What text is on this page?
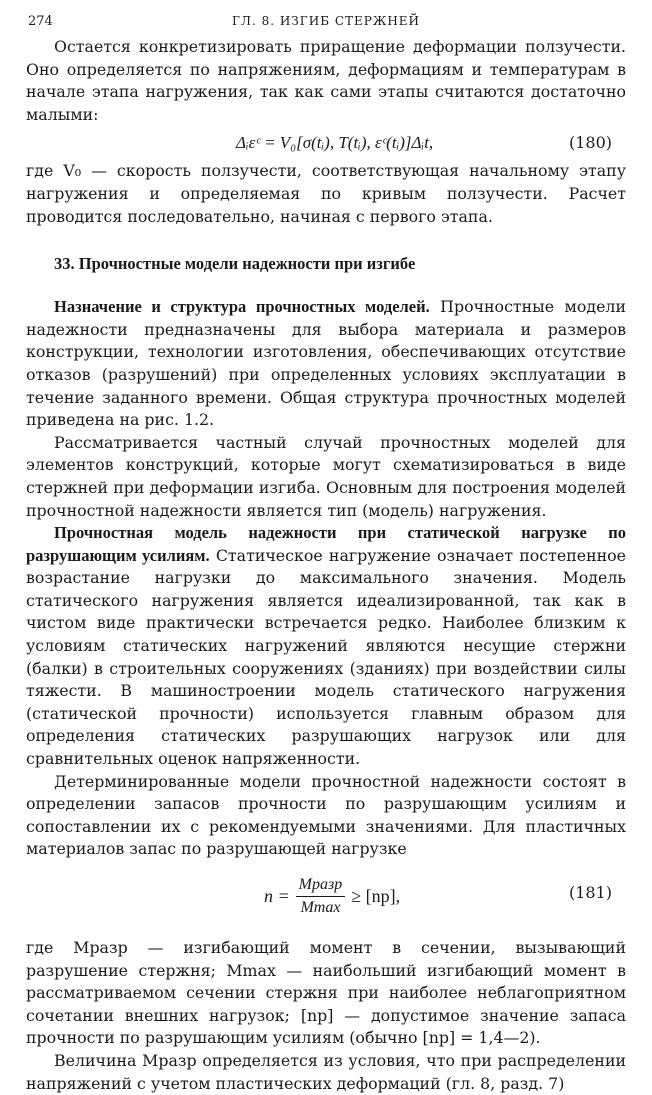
274	ГЛ. 8. ИЗГИБ СТЕРЖНЕЙ

Остается конкретизировать приращение деформации ползучести. Оно определяется по напряжениям, деформациям и температурам в начале этапа нагружения, так как сами этапы считаются достаточно малыми:

Δᵢεᶜ = V₀[σ(tᵢ), T(tᵢ), εᶜ(tᵢ)]Δᵢt,	(180)

где V₀ — скорость ползучести, соответствующая начальному этапу нагружения и определяемая по кривым ползучести. Расчет проводится последовательно, начиная с первого этапа.

33. Прочностные модели надежности при изгибе

Назначение и структура прочностных моделей. Прочностные модели надежности предназначены для выбора материала и размеров конструкции, технологии изготовления, обеспечивающих отсутствие отказов (разрушений) при определенных условиях эксплуатации в течение заданного времени. Общая структура прочностных моделей приведена на рис. 1.2.

Рассматривается частный случай прочностных моделей для элементов конструкций, которые могут схематизироваться в виде стержней при деформации изгиба. Основным для построения моделей прочностной надежности является тип (модель) нагружения.

Прочностная модель надежности при статической нагрузке по разрушающим усилиям. Статическое нагружение означает постепенное возрастание нагрузки до максимального значения. Модель статического нагружения является идеализированной, так как в чистом виде практически встречается редко. Наиболее близким к условиям статических нагружений являются несущие стержни (балки) в строительных сооружениях (зданиях) при воздействии силы тяжести. В машиностроении модель статического нагружения (статической прочности) используется главным образом для определения статических разрушающих нагрузок или для сравнительных оценок напряженности.

Детерминированные модели прочностной надежности состоят в определении запасов прочности по разрушающим усилиям и сопоставлении их с рекомендуемыми значениями. Для пластичных материалов запас по разрушающей нагрузке

$n = \frac{\text{Mразр}}{Mmax} \ge [nр]$,	(181)

где Mразр — изгибающий момент в сечении, вызывающий разрушение стержня; Mmax — наибольший изгибающий момент в рассматриваемом сечении стержня при наиболее неблагоприятном сочетании внешних нагрузок; [nр] — допустимое значение запаса прочности по разрушающим усилиям (обычно [nр] = 1,4—2).

Величина Mразр определяется из условия, что при распределении напряжений с учетом пластических деформаций (гл. 8, разд. 7)
